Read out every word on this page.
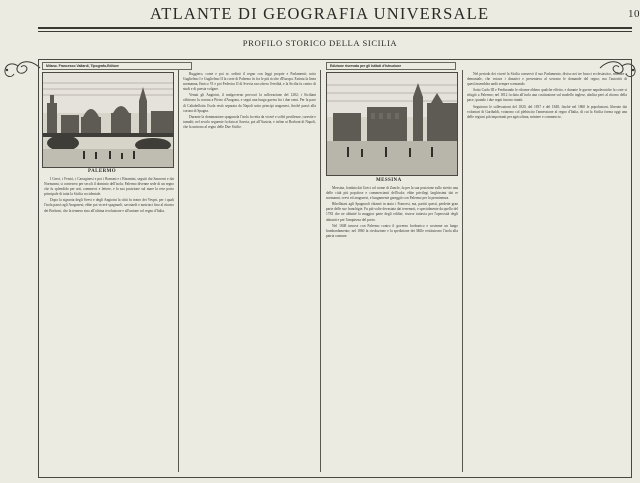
ATLANTE DI GEOGRAFIA UNIVERSALE	10
PROFILO STORICO DELLA SICILIA
Milano. Francesco Vallardi, Tipografo-Editore	Edizione riservata per gli Istituti d'Istruzione
PALERMO
MESSINA

I Greci, i Fenici, i Cartaginesi e poi i Romani e i Bizantini, seguiti dai Saraceni e dai Normanni, si contesero per secoli il dominio dell'isola; Palermo divenne sede di un regno che fu splendido per arti, commerci e lettere, e la sua posizione sul mare la rese porto principale di tutta la Sicilia occidentale.

Dopo la signoria degli Svevi e degli Angioini la città fu teatro dei Vespri, per i quali l'isola passò agli Aragonesi; ebbe poi viceré spagnuoli, savoiardi e austriaci fino al ritorno dei Borboni, che la tennero sino all'ultima rivoluzione e all'unione col regno d'Italia.

Ruggiero, conte e poi re, ordinò il regno con leggi proprie e Parlamenti; sotto Guglielmo I e Guglielmo II la corte di Palermo fu fra le più ricche d'Europa. Estinta la linea normanna, Enrico VI e poi Federico II di Svevia raccolsero l'eredità, e la Sicilia fu centro di studi e di poesia volgare.

Venuti gli Angioini, il malgoverno provocò la sollevazione del 1282; i Siciliani offrirono la corona a Pietro d'Aragona, e seguì una lunga guerra fra i due rami. Per la pace di Caltabellotta l'isola restò separata da Napoli sotto principi aragonesi, finché passò alla corona di Spagna.

Durante la dominazione spagnuola l'isola fu retta da viceré e soffrì pestilenze, carestie e tumulti; nel secolo seguente fu data ai Savoia, poi all'Austria, e infine ai Borboni di Napoli, che la unirono al regno delle Due Sicilie.

Messina, fondata dai Greci col nome di Zancle, fu per la sua posizione sullo stretto una delle città più popolose e commercianti dell'isola; ebbe privilegi larghissimi dai re normanni, svevi ed aragonesi, e lungamente gareggiò con Palermo per la preminenza.

Ribellatasi agli Spagnuoli chiamò in aiuto i Francesi, ma, partiti questi, perdette gran parte delle sue franchigie. Fu più volte devastata dai terremoti, e specialmente da quello del 1783 che ne abbatté la maggior parte degli edifizi; risorse tuttavia per l'operosità degli abitanti e per l'ampiezza del porto.

Nel 1848 insorse con Palermo contro il governo borbonico e sostenne un lungo bombardamento; nel 1860 la rivoluzione e la spedizione dei Mille restituirono l'isola alla patria comune.

Nel periodo dei viceré la Sicilia conservò il suo Parlamento, diviso nei tre bracci ecclesiastico, militare e demaniale, che votava i donativi e presentava al sovrano le domande del regno; ma l'autorità di quest'assemblea andò sempre scemando.

Sotto Carlo III e Ferdinando le riforme ebbero qualche effetto, e durante le guerre napoleoniche la corte si rifugiò a Palermo; nel 1812 fu data all'isola una costituzione sul modello inglese, abolita però al ritorno della pace, quando i due regni furono riuniti.

Seguirono le sollevazioni del 1820, del 1837 e del 1848, finché nel 1860 le popolazioni, liberate dai volontari di Garibaldi, votarono col plebiscito l'annessione al regno d'Italia, di cui la Sicilia forma oggi una delle regioni più importanti per agricoltura, miniere e commercio.
